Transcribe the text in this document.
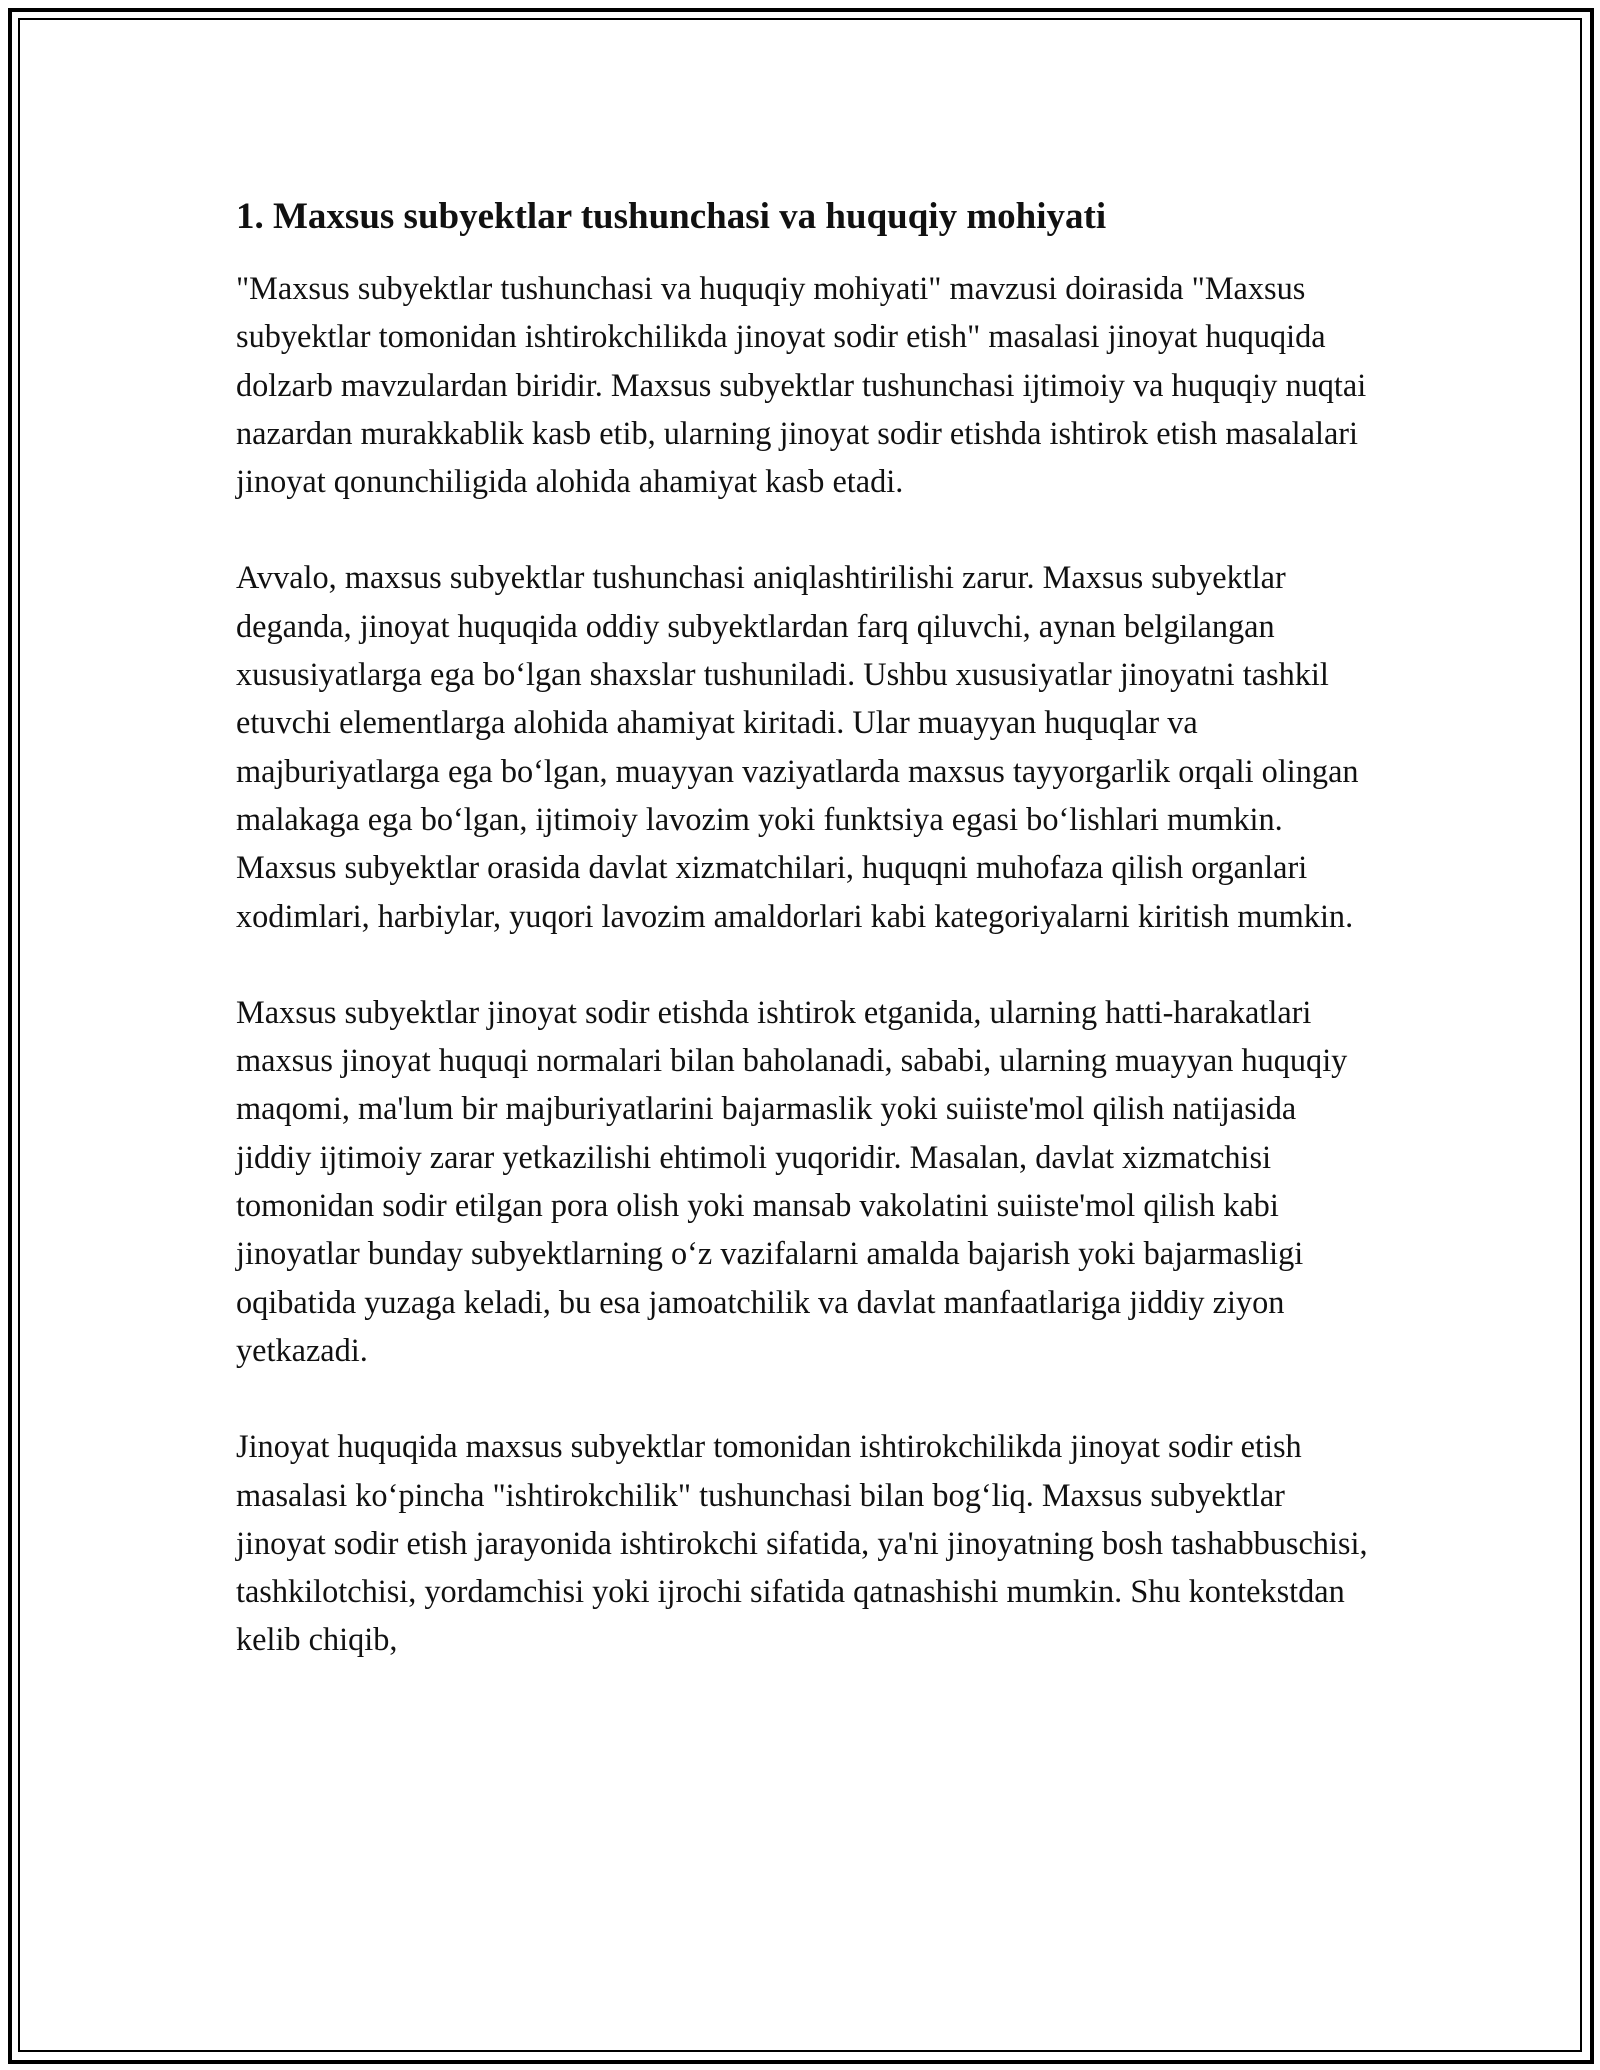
1. Maxsus subyektlar tushunchasi va huquqiy mohiyati

"Maxsus subyektlar tushunchasi va huquqiy mohiyati" mavzusi doirasida "Maxsus subyektlar tomonidan ishtirokchilikda jinoyat sodir etish" masalasi jinoyat huquqida dolzarb mavzulardan biridir. Maxsus subyektlar tushunchasi ijtimoiy va huquqiy nuqtai nazardan murakkablik kasb etib, ularning jinoyat sodir etishda ishtirok etish masalalari jinoyat qonunchiligida alohida ahamiyat kasb etadi.

Avvalo, maxsus subyektlar tushunchasi aniqlashtirilishi zarur. Maxsus subyektlar deganda, jinoyat huquqida oddiy subyektlardan farq qiluvchi, aynan belgilangan xususiyatlarga ega bo‘lgan shaxslar tushuniladi. Ushbu xususiyatlar jinoyatni tashkil etuvchi elementlarga alohida ahamiyat kiritadi. Ular muayyan huquqlar va majburiyatlarga ega bo‘lgan, muayyan vaziyatlarda maxsus tayyorgarlik orqali olingan malakaga ega bo‘lgan, ijtimoiy lavozim yoki funktsiya egasi bo‘lishlari mumkin. Maxsus subyektlar orasida davlat xizmatchilari, huquqni muhofaza qilish organlari xodimlari, harbiylar, yuqori lavozim amaldorlari kabi kategoriyalarni kiritish mumkin.

Maxsus subyektlar jinoyat sodir etishda ishtirok etganida, ularning hatti-harakatlari maxsus jinoyat huquqi normalari bilan baholanadi, sababi, ularning muayyan huquqiy maqomi, ma'lum bir majburiyatlarini bajarmaslik yoki suiiste'mol qilish natijasida jiddiy ijtimoiy zarar yetkazilishi ehtimoli yuqoridir. Masalan, davlat xizmatchisi tomonidan sodir etilgan pora olish yoki mansab vakolatini suiiste'mol qilish kabi jinoyatlar bunday subyektlarning o‘z vazifalarni amalda bajarish yoki bajarmasligi oqibatida yuzaga keladi, bu esa jamoatchilik va davlat manfaatlariga jiddiy ziyon yetkazadi.

Jinoyat huquqida maxsus subyektlar tomonidan ishtirokchilikda jinoyat sodir etish masalasi ko‘pincha "ishtirokchilik" tushunchasi bilan bog‘liq. Maxsus subyektlar jinoyat sodir etish jarayonida ishtirokchi sifatida, ya'ni jinoyatning bosh tashabbuschisi, tashkilotchisi, yordamchisi yoki ijrochi sifatida qatnashishi mumkin. Shu kontekstdan kelib chiqib,
